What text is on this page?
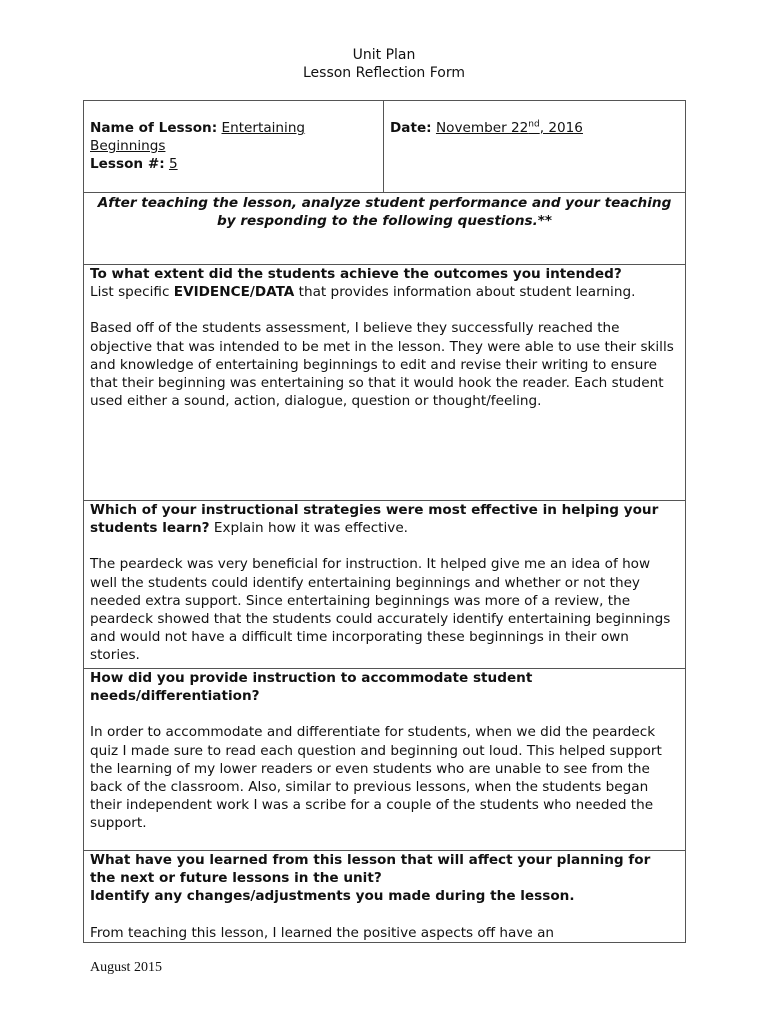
Unit Plan
Lesson Reflection Form
Name of Lesson: Entertaining Beginnings
Lesson #: 5
	Date: November 22nd, 2016

After teaching the lesson, analyze student performance and your teaching
by responding to the following questions.**

To what extent did the students achieve the outcomes you intended?

List specific EVIDENCE/DATA that provides information about student learning.

Based off of the students assessment, I believe they successfully reached the objective that was intended to be met in the lesson. They were able to use their skills and knowledge of entertaining beginnings to edit and revise their writing to ensure that their beginning was entertaining so that it would hook the reader. Each student used either a sound, action, dialogue, question or thought/feeling.

Which of your instructional strategies were most effective in helping your students learn? Explain how it was effective.

The peardeck was very beneficial for instruction. It helped give me an idea of how well the students could identify entertaining beginnings and whether or not they needed extra support. Since entertaining beginnings was more of a review, the peardeck showed that the students could accurately identify entertaining beginnings and would not have a difficult time incorporating these beginnings in their own stories.

How did you provide instruction to accommodate student needs/differentiation?

In order to accommodate and differentiate for students, when we did the peardeck quiz I made sure to read each question and beginning out loud. This helped support the learning of my lower readers or even students who are unable to see from the back of the classroom. Also, similar to previous lessons, when the students began their independent work I was a scribe for a couple of the students who needed the support.

What have you learned from this lesson that will affect your planning for the next or future lessons in the unit?

Identify any changes/adjustments you made during the lesson.

From teaching this lesson, I learned the positive aspects off have an

August 2015
